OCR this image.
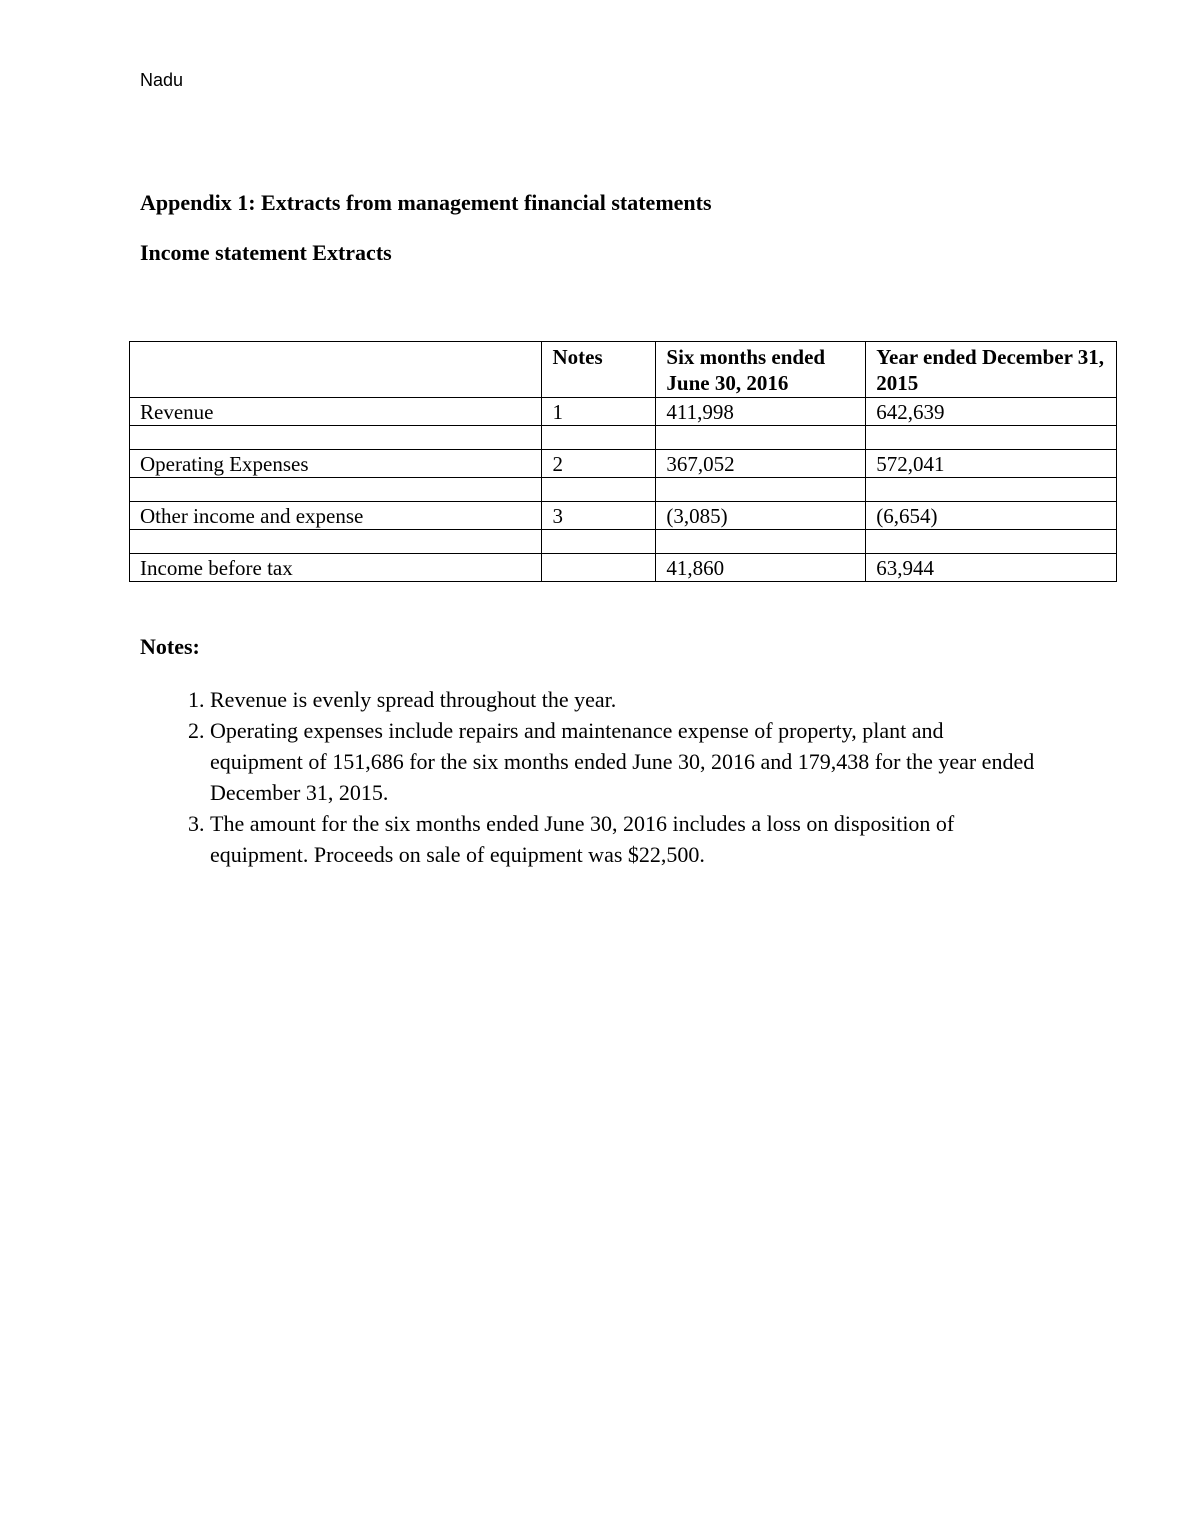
Nadu
Appendix 1: Extracts from management financial statements
Income statement Extracts
	Notes	Six months ended June 30, 2016	Year ended December 31, 2015
Revenue	1	411,998	642,639

Operating Expenses	2	367,052	572,041

Other income and expense	3	(3,085)	(6,654)

Income before tax		41,860	63,944
Notes:
1. Revenue is evenly spread throughout the year.
2. Operating expenses include repairs and maintenance expense of property, plant and equipment of 151,686 for the six months ended June 30, 2016 and 179,438 for the year ended December 31, 2015.
3. The amount for the six months ended June 30, 2016 includes a loss on disposition of equipment. Proceeds on sale of equipment was $22,500.
